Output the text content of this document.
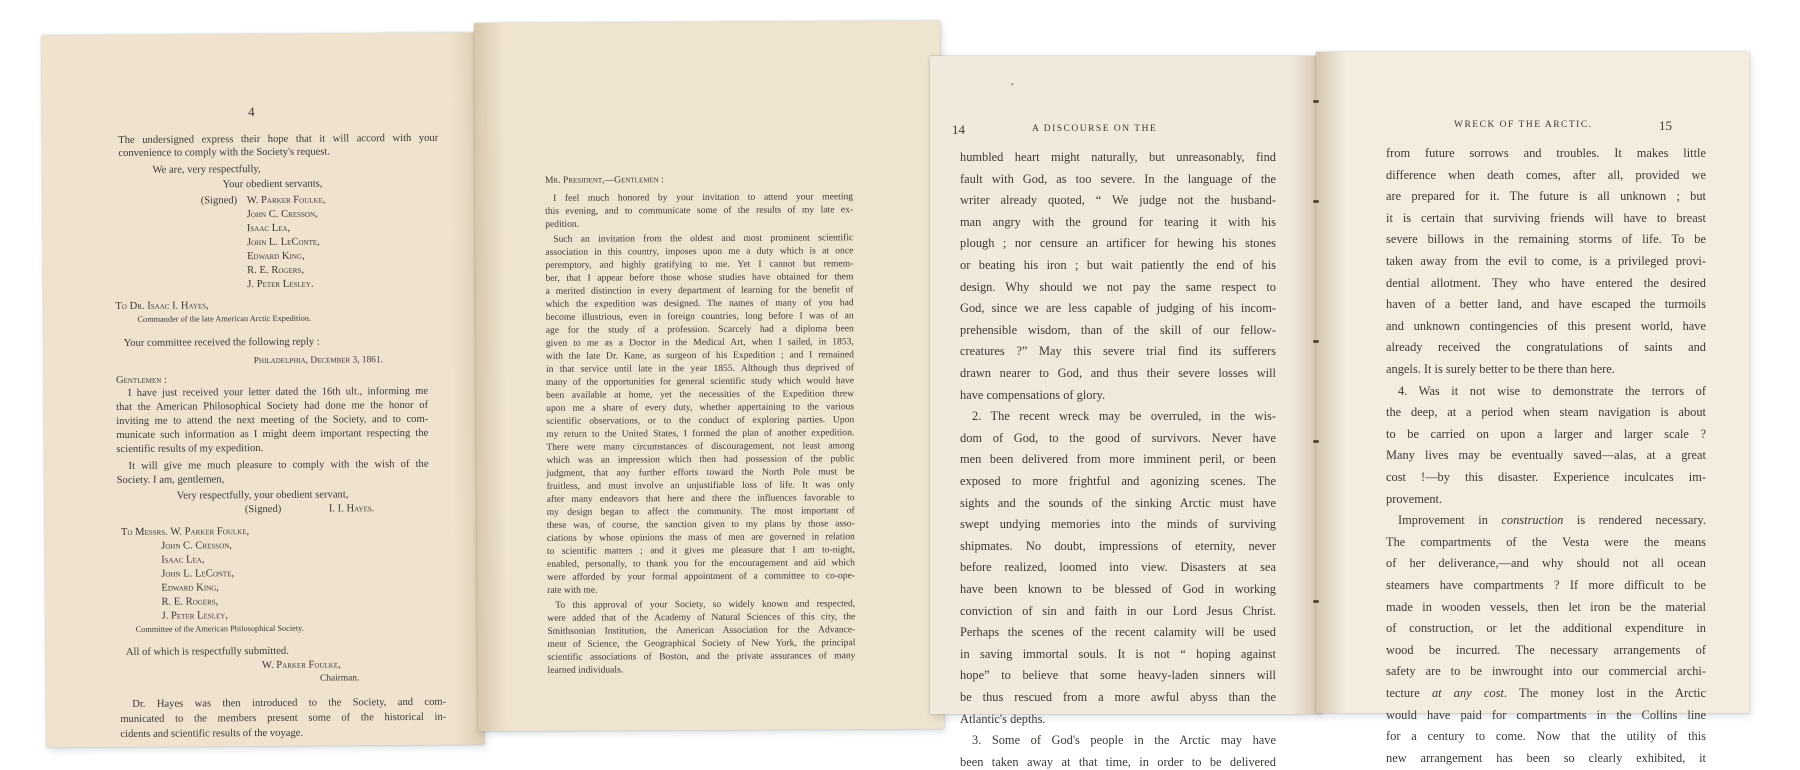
4
The undersigned express their hope that it will accord with your
convenience to comply with the Society's request.
We are, very respectfully,
Your obedient servants,
(Signed) W. Parker Foulke,
John C. Cresson,
Isaac Lea,
John L. LeConte,
Edward King,
R. E. Rogers,
J. Peter Lesley.
To Dr. Isaac I. Hayes,
Commander of the late American Arctic Expedition.
Your committee received the following reply :
Philadelphia, December 3, 1861.
Gentlemen :
I have just received your letter dated the 16th ult., informing me
that the American Philosophical Society had done me the honor of
inviting me to attend the next meeting of the Society, and to com-
municate such information as I might deem important respecting the
scientific results of my expedition.
It will give me much pleasure to comply with the wish of the
Society. I am, gentlemen,
Very respectfully, your obedient servant,
(Signed)	I. I. Hayes.
To Messrs. W. Parker Foulke,
John C. Cresson,
Isaac Lea,
John L. LeConte,
Edward King,
R. E. Rogers,
J. Peter Lesley,
Committee of the American Philosophical Society.
All of which is respectfully submitted.
W. Parker Foulke,
Chairman.
Dr. Hayes was then introduced to the Society, and com-
municated to the members present some of the historical in-
cidents and scientific results of the voyage.
Mr. President,—Gentlemen :
I feel much honored by your invitation to attend your meeting
this evening, and to communicate some of the results of my late ex-
pedition.
Such an invitation from the oldest and most prominent scientific
association in this country, imposes upon me a duty which is at once
peremptory, and highly gratifying to me. Yet I cannot but remem-
ber, that I appear before those whose studies have obtained for them
a merited distinction in every department of learning for the benefit of
which the expedition was designed. The names of many of you had
become illustrious, even in foreign countries, long before I was of an
age for the study of a profession. Scarcely had a diploma been
given to me as a Doctor in the Medical Art, when I sailed, in 1853,
with the late Dr. Kane, as surgeon of his Expedition ; and I remained
in that service until late in the year 1855. Although thus deprived of
many of the opportunities for general scientific study which would have
been available at home, yet the necessities of the Expedition threw
upon me a share of every duty, whether appertaining to the various
scientific observations, or to the conduct of exploring parties. Upon
my return to the United States, I formed the plan of another expedition.
There were many circumstances of discouragement, not least among
which was an impression which then had possession of the public
judgment, that any further efforts toward the North Pole must be
fruitless, and must involve an unjustifiable loss of life. It was only
after many endeavors that here and there the influences favorable to
my design began to affect the community. The most important of
these was, of course, the sanction given to my plans by those asso-
ciations by whose opinions the mass of men are governed in relation
to scientific matters ; and it gives me pleasure that I am to-night,
enabled, personally, to thank you for the encouragement and aid which
were afforded by your formal appointment of a committee to co-ope-
rate with me.
To this approval of your Society, so widely known and respected,
were added that of the Academy of Natural Sciences of this city, the
Smithsonian Institution, the American Association for the Advance-
ment of Science, the Geographical Society of New York, the principal
scientific associations of Boston, and the private assurances of many
learned individuals.
14	A DISCOURSE ON THE
humbled heart might naturally, but unreasonably, find
fault with God, as too severe. In the language of the
writer already quoted, “ We judge not the husband-
man angry with the ground for tearing it with his
plough ; nor censure an artificer for hewing his stones
or beating his iron ; but wait patiently the end of his
design. Why should we not pay the same respect to
God, since we are less capable of judging of his incom-
prehensible wisdom, than of the skill of our fellow-
creatures ?” May this severe trial find its sufferers
drawn nearer to God, and thus their severe losses will
have compensations of glory.
2. The recent wreck may be overruled, in the wis-
dom of God, to the good of survivors. Never have
men been delivered from more imminent peril, or been
exposed to more frightful and agonizing scenes. The
sights and the sounds of the sinking Arctic must have
swept undying memories into the minds of surviving
shipmates. No doubt, impressions of eternity, never
before realized, loomed into view. Disasters at sea
have been known to be blessed of God in working
conviction of sin and faith in our Lord Jesus Christ.
Perhaps the scenes of the recent calamity will be used
in saving immortal souls. It is not “ hoping against
hope” to believe that some heavy-laden sinners will
be thus rescued from a more awful abyss than the
Atlantic's depths.
3. Some of God's people in the Arctic may have
been taken away at that time, in order to be delivered
·
WRECK OF THE ARCTIC.	15
from future sorrows and troubles. It makes little
difference when death comes, after all, provided we
are prepared for it. The future is all unknown ; but
it is certain that surviving friends will have to breast
severe billows in the remaining storms of life. To be
taken away from the evil to come, is a privileged provi-
dential allotment. They who have entered the desired
haven of a better land, and have escaped the turmoils
and unknown contingencies of this present world, have
already received the congratulations of saints and
angels. It is surely better to be there than here.
4. Was it not wise to demonstrate the terrors of
the deep, at a period when steam navigation is about
to be carried on upon a larger and larger scale ?
Many lives may be eventually saved—alas, at a great
cost !—by this disaster. Experience inculcates im-
provement.
Improvement in construction is rendered necessary.
The compartments of the Vesta were the means
of her deliverance,—and why should not all ocean
steamers have compartments ? If more difficult to be
made in wooden vessels, then let iron be the material
of construction, or let the additional expenditure in
wood be incurred. The necessary arrangements of
safety are to be inwrought into our commercial archi-
tecture at any cost. The money lost in the Arctic
would have paid for compartments in the Collins line
for a century to come. Now that the utility of this
new arrangement has been so clearly exhibited, it
